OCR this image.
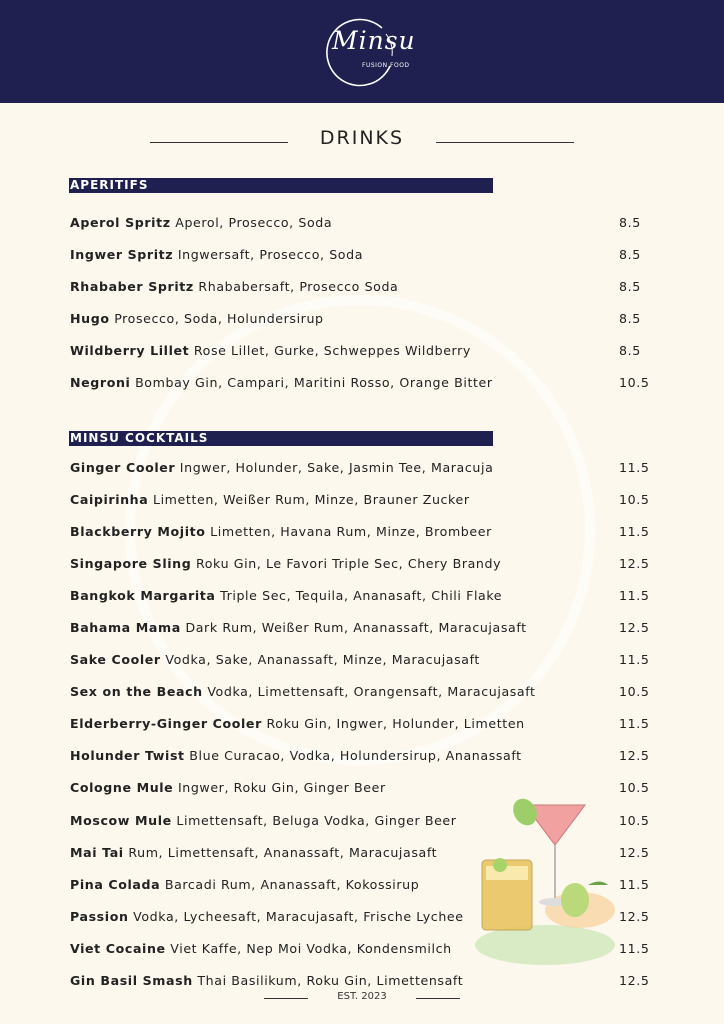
Minsu
FUSION FOOD
DRINKS
APERITIFS
Aperol Spritz Aperol, Prosecco, Soda	8.5
Ingwer Spritz Ingwersaft, Prosecco, Soda	8.5
Rhababer Spritz Rhababersaft, Prosecco Soda	8.5
Hugo Prosecco, Soda, Holundersirup	8.5
Wildberry Lillet Rose Lillet, Gurke, Schweppes Wildberry	8.5
Negroni Bombay Gin, Campari, Maritini Rosso, Orange Bitter	10.5
MINSU COCKTAILS
Ginger Cooler Ingwer, Holunder, Sake, Jasmin Tee, Maracuja	11.5
Caipirinha Limetten, Weißer Rum, Minze, Brauner Zucker	10.5
Blackberry Mojito Limetten, Havana Rum, Minze, Brombeer	11.5
Singapore Sling Roku Gin, Le Favori Triple Sec, Chery Brandy	12.5
Bangkok Margarita Triple Sec, Tequila, Ananasaft, Chili Flake	11.5
Bahama Mama Dark Rum, Weißer Rum, Ananassaft, Maracujasaft	12.5
Sake Cooler Vodka, Sake, Ananassaft, Minze, Maracujasaft	11.5
Sex on the Beach Vodka, Limettensaft, Orangensaft, Maracujasaft	10.5
Elderberry-Ginger Cooler Roku Gin, Ingwer, Holunder, Limetten	11.5
Holunder Twist Blue Curacao, Vodka, Holundersirup, Ananassaft	12.5
Cologne Mule Ingwer, Roku Gin, Ginger Beer	10.5
Moscow Mule Limettensaft, Beluga Vodka, Ginger Beer	10.5
Mai Tai Rum, Limettensaft, Ananassaft, Maracujasaft	12.5
Pina Colada Barcadi Rum, Ananassaft, Kokossirup	11.5
Passion Vodka, Lycheesaft, Maracujasaft, Frische Lychee	12.5
Viet Cocaine Viet Kaffe, Nep Moi Vodka, Kondensmilch	11.5
Gin Basil Smash Thai Basilikum, Roku Gin, Limettensaft	12.5
EST. 2023
